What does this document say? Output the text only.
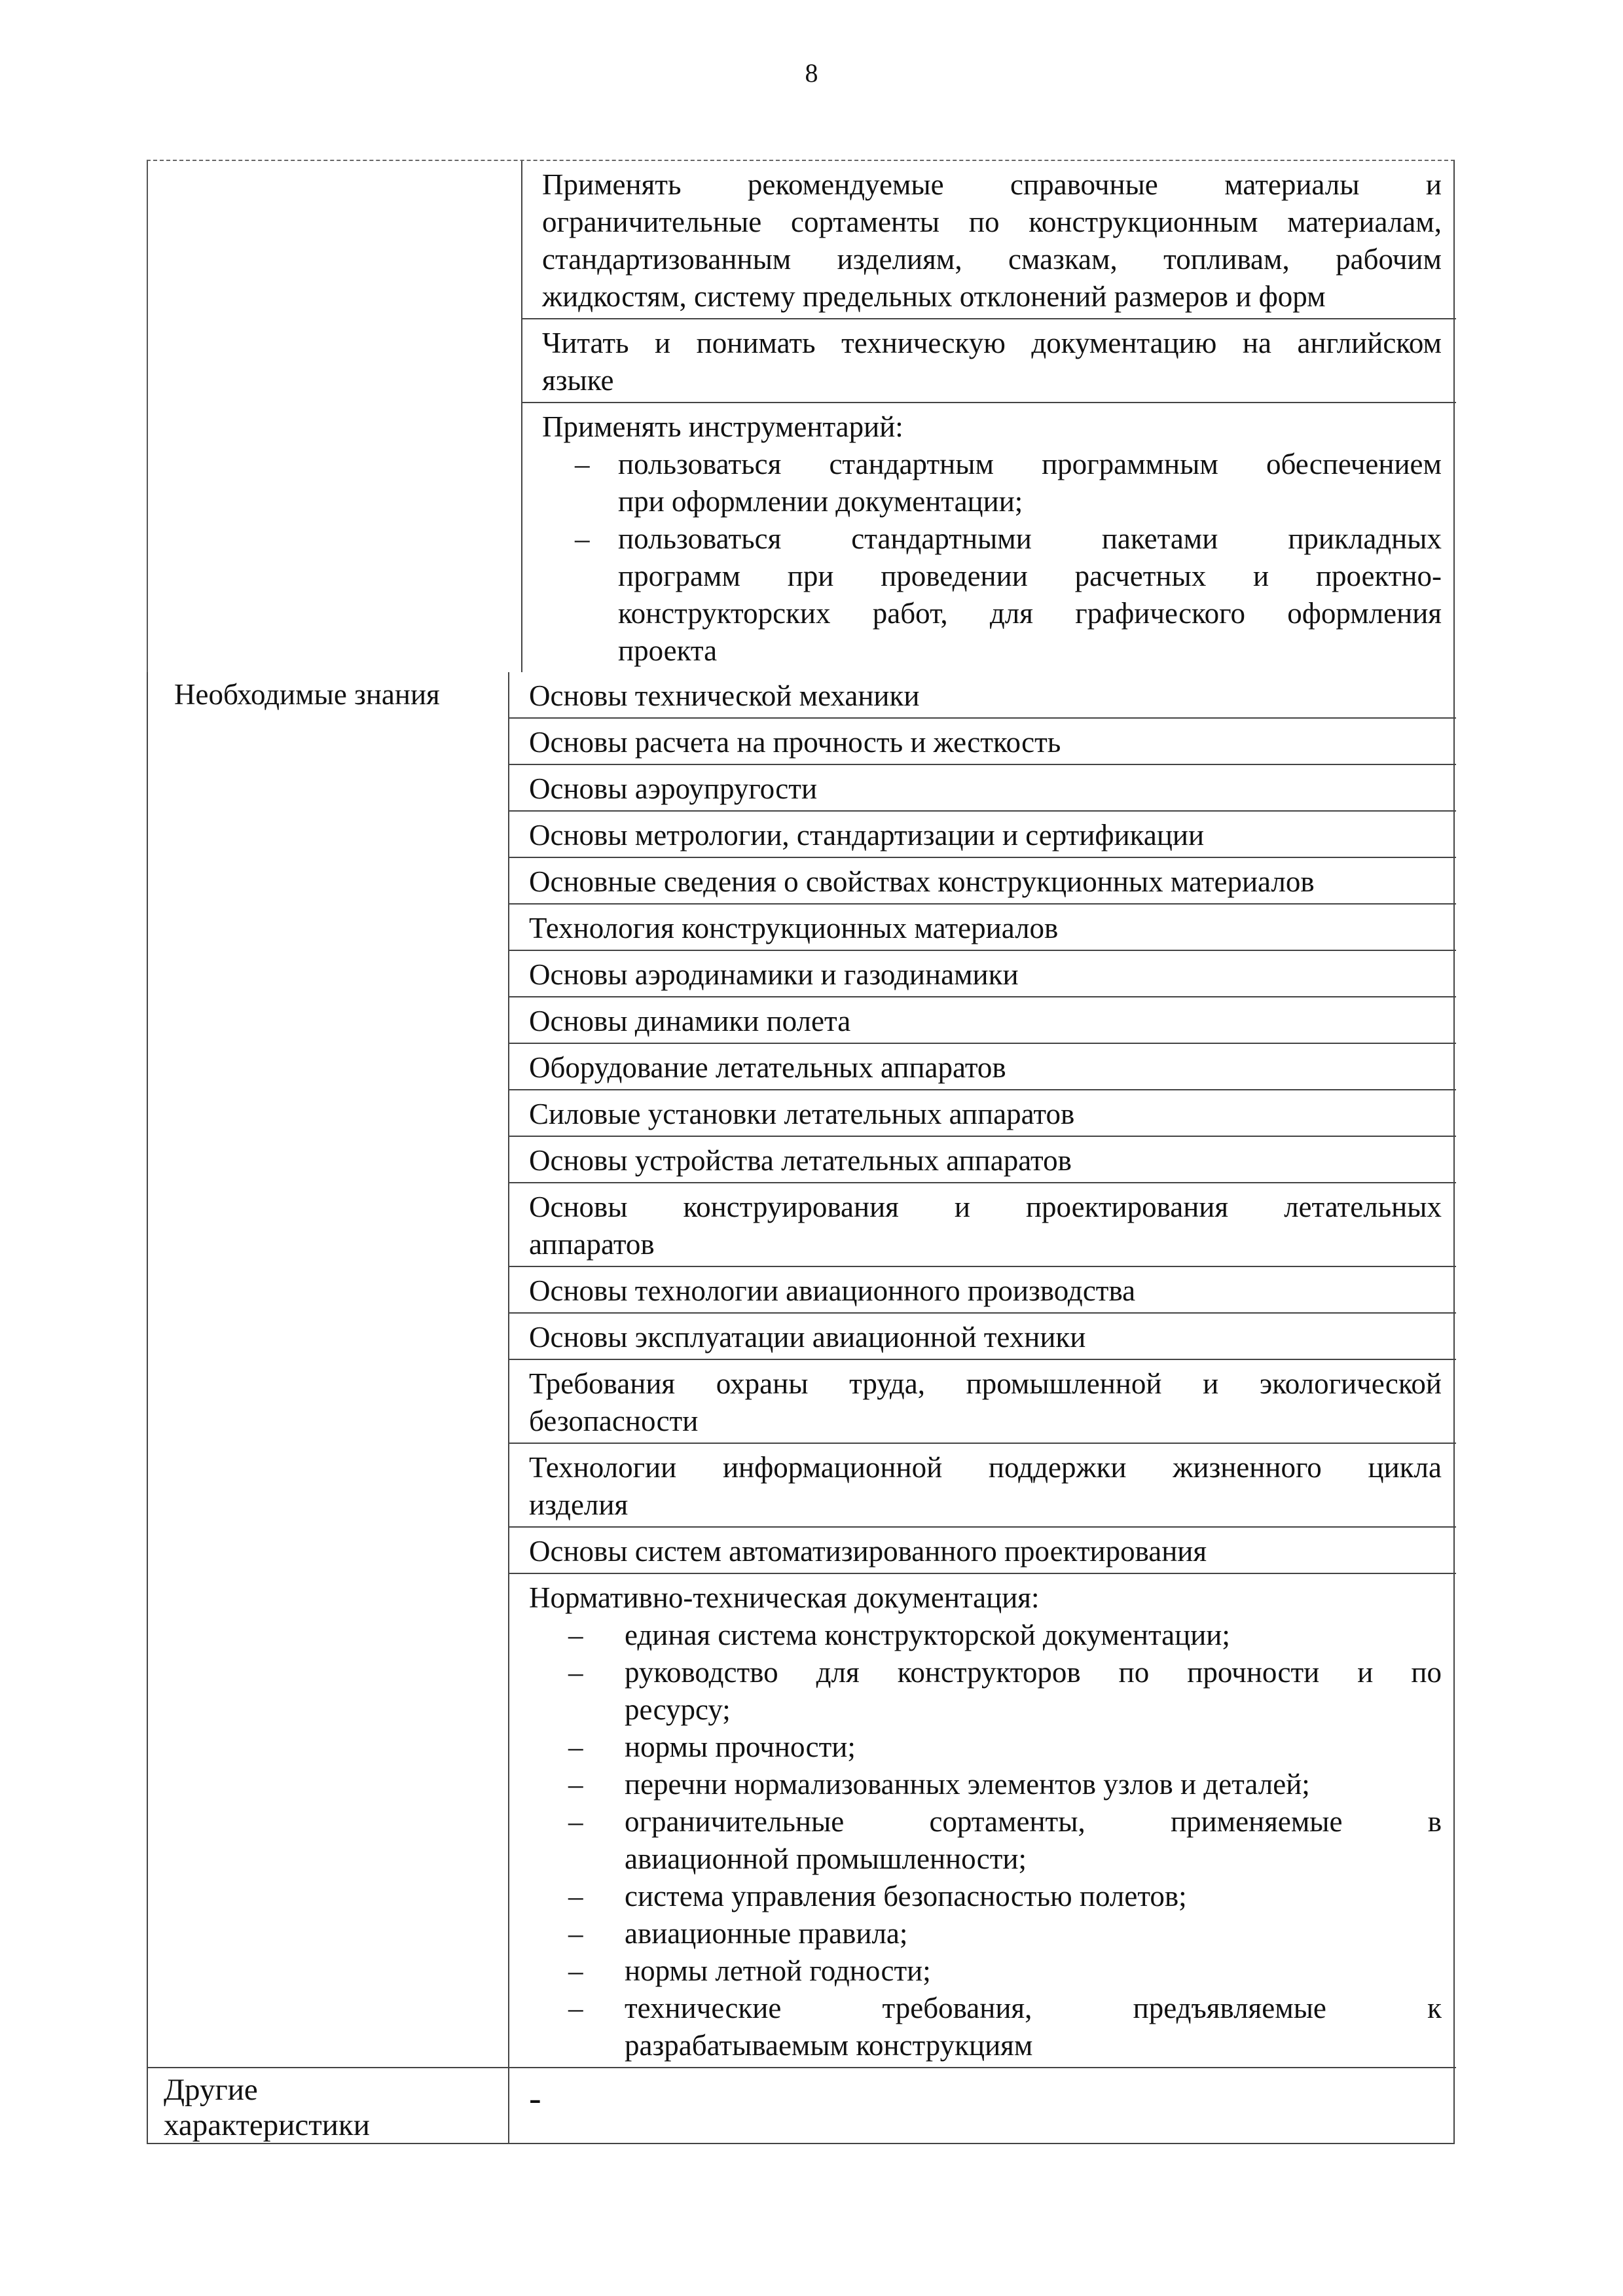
8
Применять рекомендуемые справочные материалы и
ограничительные сортаменты по конструкционным материалам,
стандартизованным изделиям, смазкам, топливам, рабочим
жидкостям, систему предельных отклонений размеров и форм
Читать и понимать техническую документацию на английском
языке
Применять инструментарий:
– пользоваться стандартным программным обеспечением
при оформлении документации;
– пользоваться стандартными пакетами прикладных
программ при проведении расчетных и проектно-
конструкторских работ, для графического оформления
проекта
Необходимые знания	Основы технической механики
Основы расчета на прочность и жесткость
Основы аэроупругости
Основы метрологии, стандартизации и сертификации
Основные сведения о свойствах конструкционных материалов
Технология конструкционных материалов
Основы аэродинамики и газодинамики
Основы динамики полета
Оборудование летательных аппаратов
Силовые установки летательных аппаратов
Основы устройства летательных аппаратов
Основы конструирования и проектирования летательных
аппаратов
Основы технологии авиационного производства
Основы эксплуатации авиационной техники
Требования охраны труда, промышленной и экологической
безопасности
Технологии информационной поддержки жизненного цикла
изделия
Основы систем автоматизированного проектирования
Нормативно-техническая документация:
– единая система конструкторской документации;
– руководство для конструкторов по прочности и по
ресурсу;
– нормы прочности;
– перечни нормализованных элементов узлов и деталей;
– ограничительные сортаменты, применяемые в
авиационной промышленности;
– система управления безопасностью полетов;
– авиационные правила;
– нормы летной годности;
– технические требования, предъявляемые к
разрабатываемым конструкциям
Другие
характеристики
-
